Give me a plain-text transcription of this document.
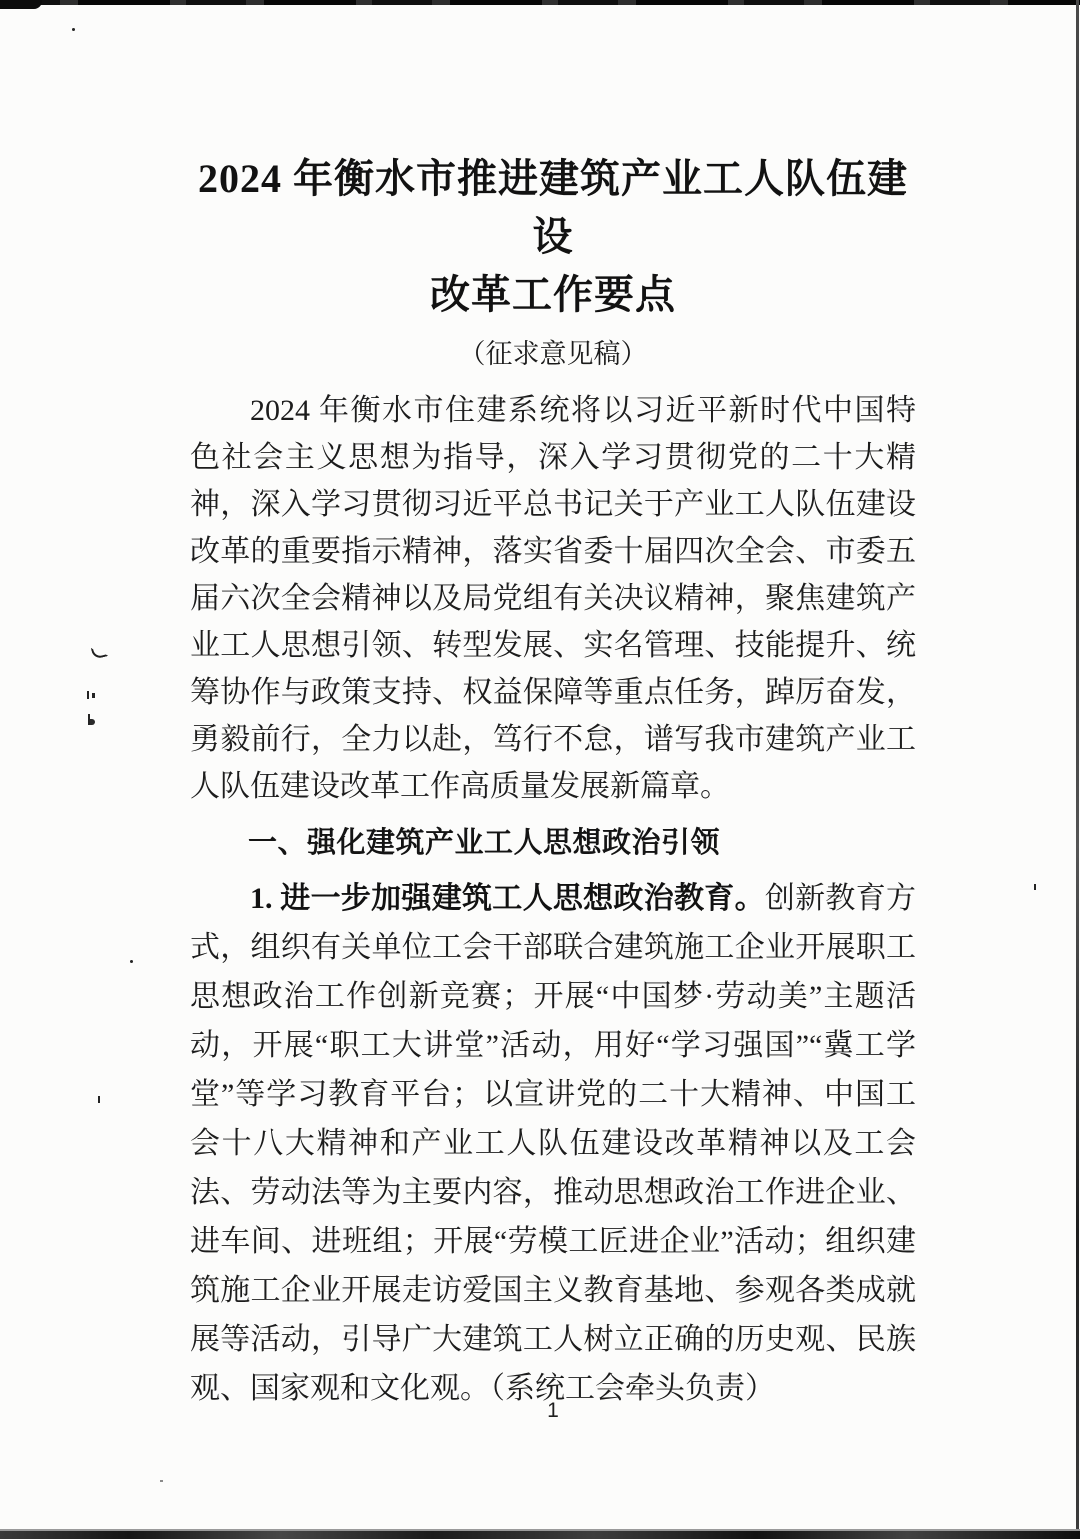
2024 年衡水市推进建筑产业工人队伍建设
改革工作要点
（征求意见稿）

2024 年衡水市住建系统将以习近平新时代中国特色社会主义思想为指导，深入学习贯彻党的二十大精神，深入学习贯彻习近平总书记关于产业工人队伍建设改革的重要指示精神，落实省委十届四次全会、市委五届六次全会精神以及局党组有关决议精神，聚焦建筑产业工人思想引领、转型发展、实名管理、技能提升、统筹协作与政策支持、权益保障等重点任务，踔厉奋发，勇毅前行，全力以赴，笃行不怠，谱写我市建筑产业工人队伍建设改革工作高质量发展新篇章。

一、强化建筑产业工人思想政治引领

1. 进一步加强建筑工人思想政治教育。创新教育方式，组织有关单位工会干部联合建筑施工企业开展职工思想政治工作创新竞赛；开展“中国梦·劳动美”主题活动，开展“职工大讲堂”活动，用好“学习强国”“冀工学堂”等学习教育平台；以宣讲党的二十大精神、中国工会十八大精神和产业工人队伍建设改革精神以及工会法、劳动法等为主要内容，推动思想政治工作进企业、进车间、进班组；开展“劳模工匠进企业”活动；组织建筑施工企业开展走访爱国主义教育基地、参观各类成就展等活动，引导广大建筑工人树立正确的历史观、民族观、国家观和文化观。（系统工会牵头负责）

1
